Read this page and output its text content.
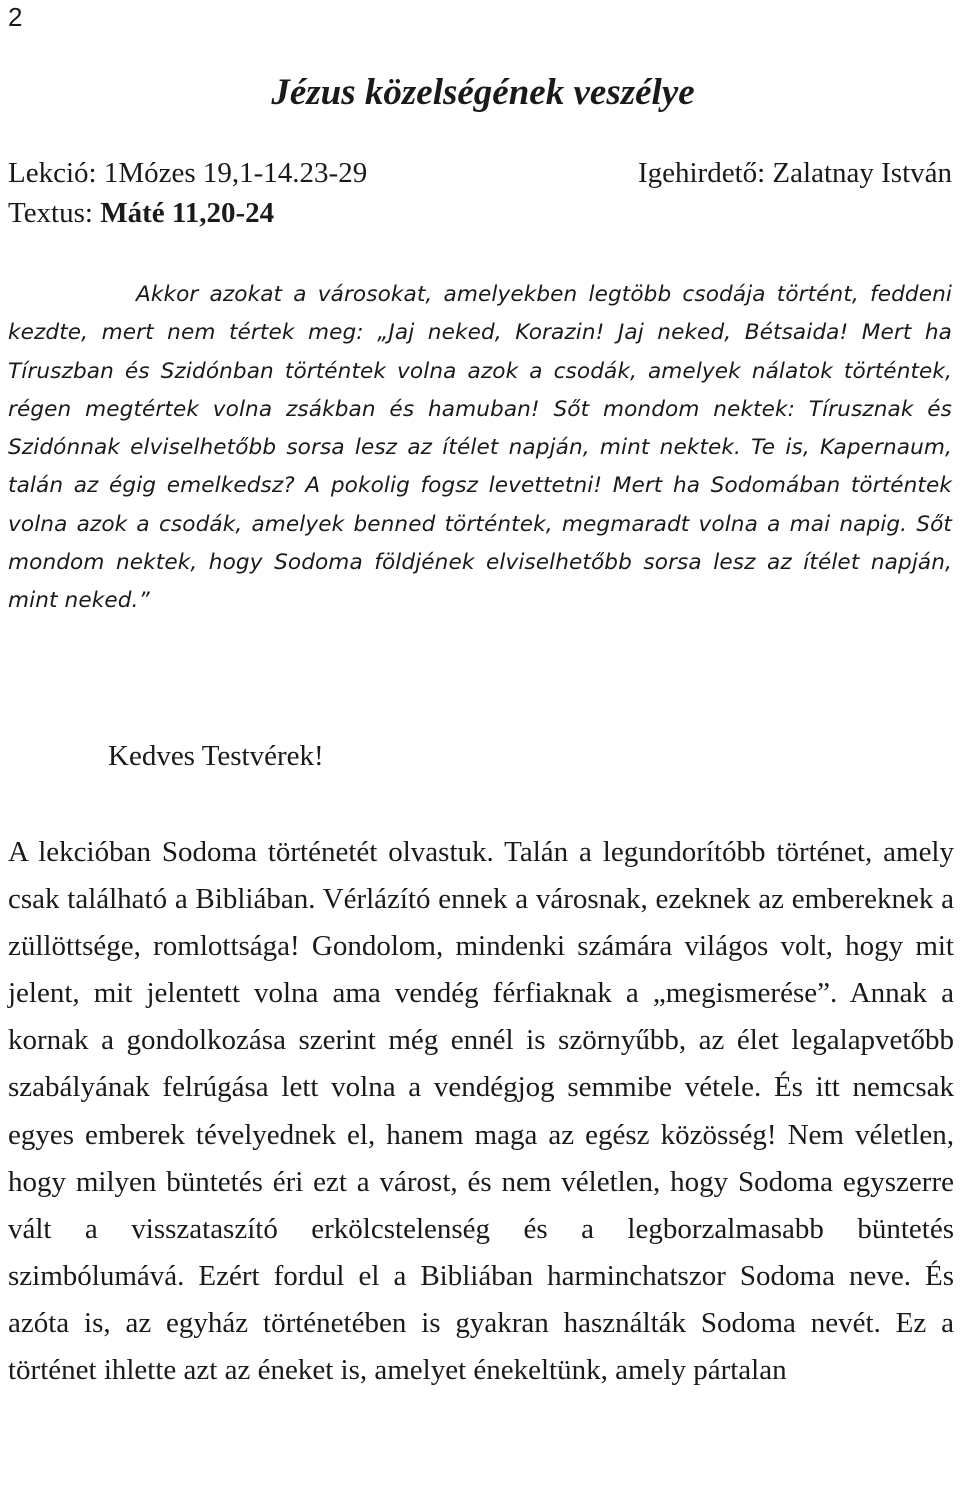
2
Jézus közelségének veszélye
Lekció: 1Mózes 19,1-14.23-29	Igehirdető: Zalatnay István
Textus: Máté 11,20-24
Akkor azokat a városokat, amelyekben legtöbb csodája történt, feddeni kezdte, mert nem tértek meg: „Jaj neked, Korazin! Jaj neked, Bétsaida! Mert ha Tíruszban és Szidónban történtek volna azok a csodák, amelyek nálatok történtek, régen megtértek volna zsákban és hamuban! Sőt mondom nektek: Tírusznak és Szidónnak elviselhetőbb sorsa lesz az ítélet napján, mint nektek. Te is, Kapernaum, talán az égig emelkedsz? A pokolig fogsz levettetni! Mert ha Sodomában történtek volna azok a csodák, amelyek benned történtek, megmaradt volna a mai napig. Sőt mondom nektek, hogy Sodoma földjének elviselhetőbb sorsa lesz az ítélet napján, mint neked.”
Kedves Testvérek!

A lekcióban Sodoma történetét olvastuk. Talán a legundorítóbb történet, amely csak található a Bibliában. Vérlázító ennek a városnak, ezeknek az embereknek a züllöttsége, romlottsága! Gondolom, mindenki számára világos volt, hogy mit jelent, mit jelentett volna ama vendég férfiaknak a „megismerése”. Annak a kornak a gondolkozása szerint még ennél is szörnyűbb, az élet legalapvetőbb szabályának felrúgása lett volna a vendégjog semmibe vétele. És itt nemcsak egyes emberek tévelyednek el, hanem maga az egész közösség! Nem véletlen, hogy milyen büntetés éri ezt a várost, és nem véletlen, hogy Sodoma egyszerre vált a visszataszító erkölcstelenség és a legborzalmasabb büntetés szimbólumává. Ezért fordul el a Bibliában harminchatszor Sodoma neve. És azóta is, az egyház történetében is gyakran használták Sodoma nevét. Ez a történet ihlette azt az éneket is, amelyet énekeltünk, amely pártalan
